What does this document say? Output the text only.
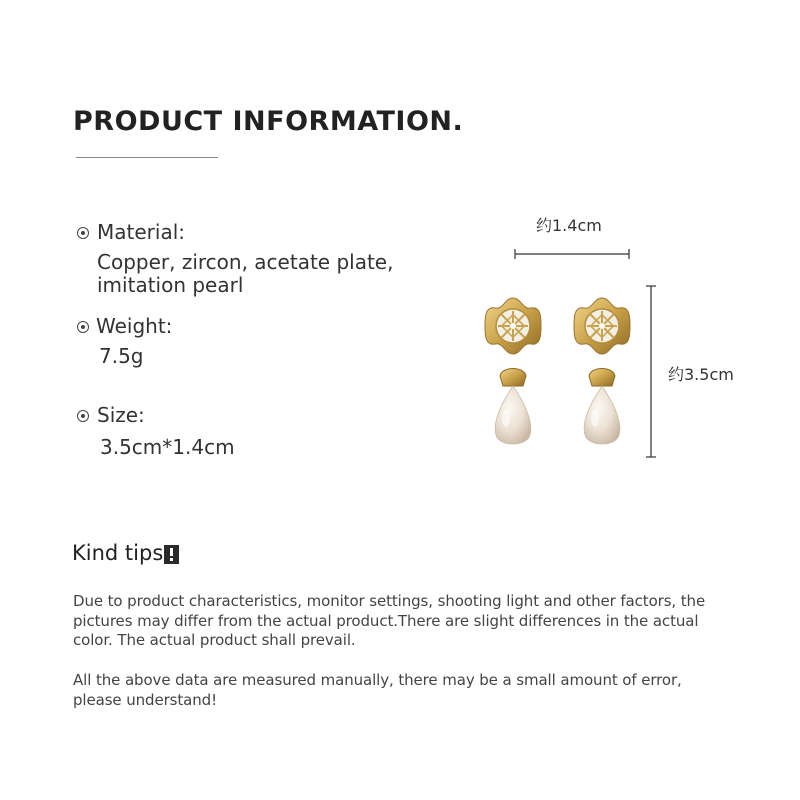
PRODUCT INFORMATION.
Material:
Copper, zircon, acetate plate,
imitation pearl
Weight:
7.5g
Size:
3.5cm*1.4cm
约1.4cm
约3.5cm
Kind tips
Due to product characteristics, monitor settings, shooting light and other factors, the pictures may differ from the actual product.There are slight differences in the actual color. The actual product shall prevail.
All the above data are measured manually, there may be a small amount of error, please understand!
